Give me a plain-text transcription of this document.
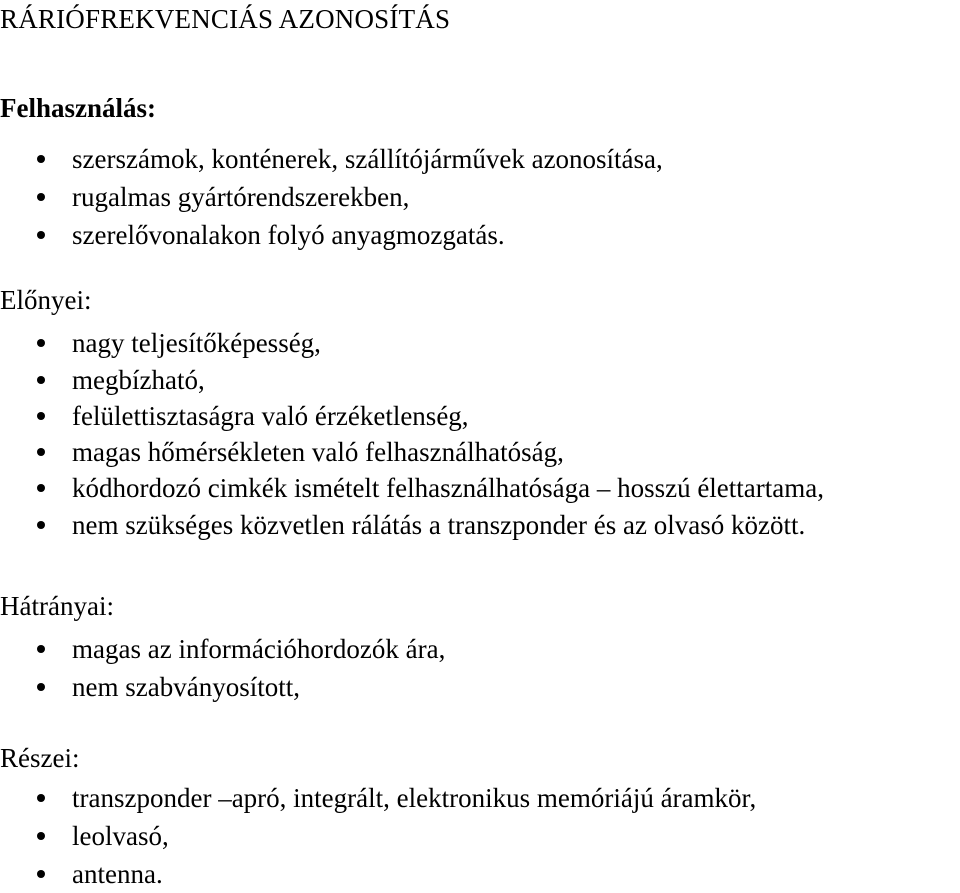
RÁRIÓFREKVENCIÁS AZONOSÍTÁS
Felhasználás:
szerszámok, konténerek, szállítójárművek azonosítása,
rugalmas gyártórendszerekben,
szerelővonalakon folyó anyagmozgatás.
Előnyei:
nagy teljesítőképesség,
megbízható,
felülettisztaságra való érzéketlenség,
magas hőmérsékleten való felhasználhatóság,
kódhordozó cimkék ismételt felhasználhatósága – hosszú élettartama,
nem szükséges közvetlen rálátás a transzponder és az olvasó között.
Hátrányai:
magas az információhordozók ára,
nem szabványosított,
Részei:
transzponder –apró, integrált, elektronikus memóriájú áramkör,
leolvasó,
antenna.
